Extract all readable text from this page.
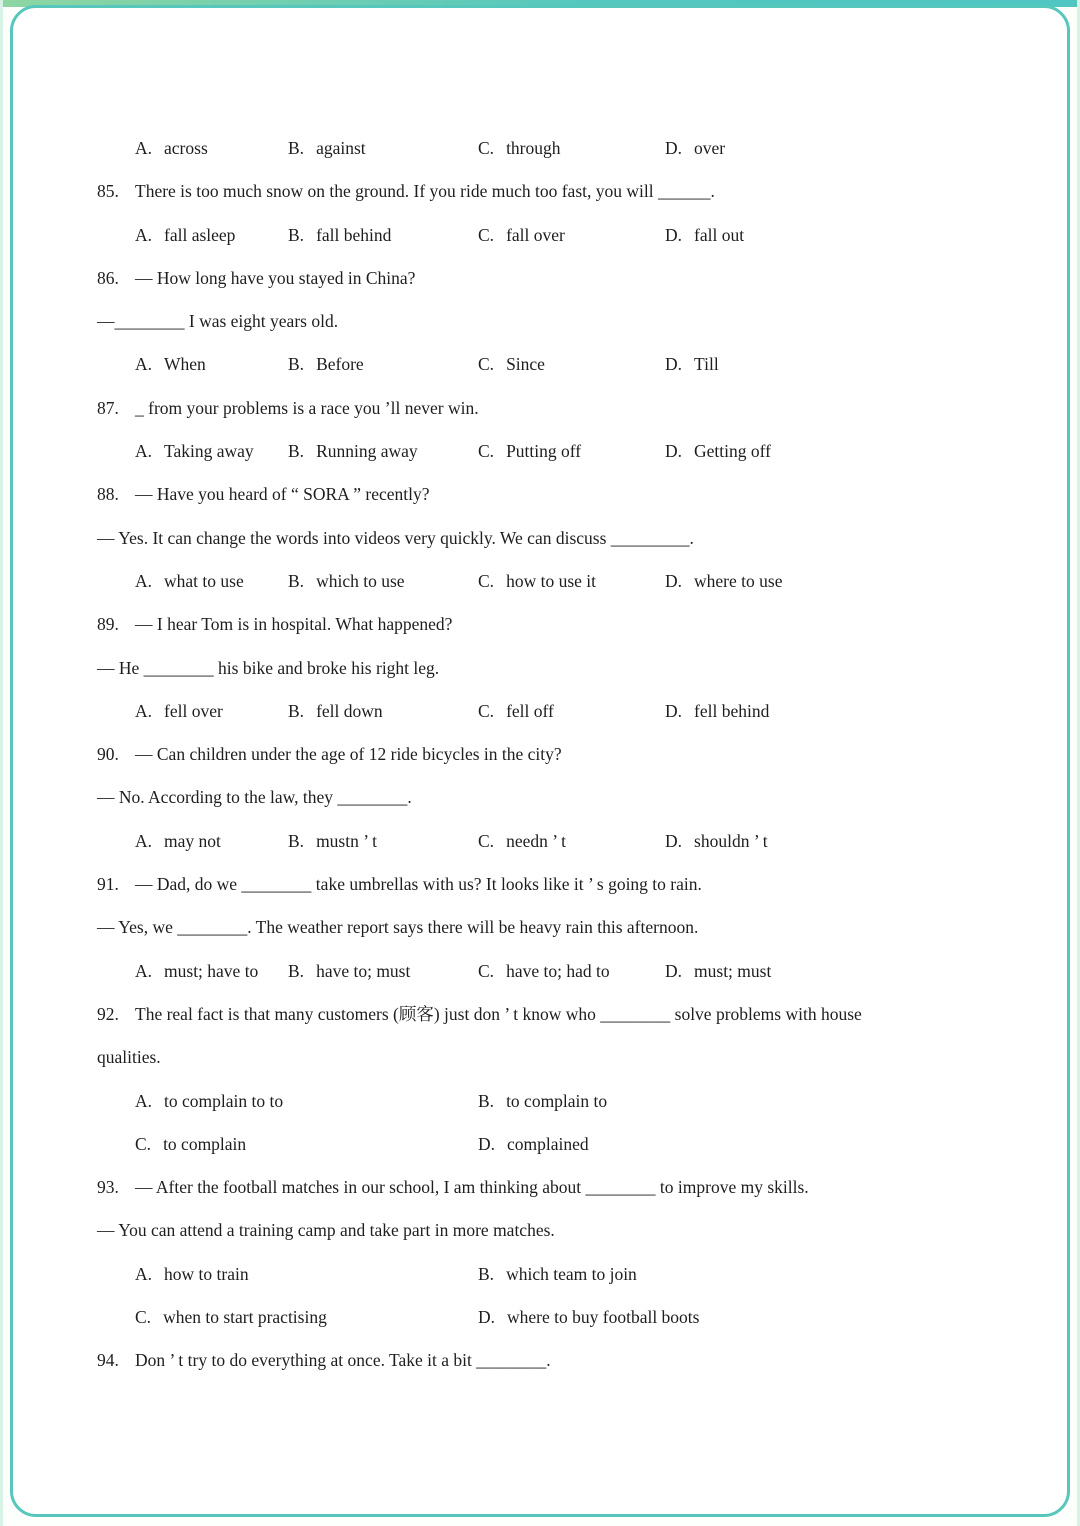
A. across	B. against	C. through	D. over
85. There is too much snow on the ground. If you ride much too fast, you will ______.
A. fall asleep	B. fall behind	C. fall over	D. fall out
86. — How long have you stayed in China?
—________ I was eight years old.
A. When	B. Before	C. Since	D. Till
87. _ from your problems is a race you ’ll never win.
A. Taking away	B. Running away	C. Putting off	D. Getting off
88. — Have you heard of “ SORA ” recently?
— Yes. It can change the words into videos very quickly. We can discuss _________.
A. what to use	B. which to use	C. how to use it	D. where to use
89. — I hear Tom is in hospital. What happened?
— He ________ his bike and broke his right leg.
A. fell over	B. fell down	C. fell off	D. fell behind
90. — Can children under the age of 12 ride bicycles in the city?
— No. According to the law, they ________.
A. may not	B. mustn ’ t	C. needn ’ t	D. shouldn ’ t
91. — Dad, do we ________ take umbrellas with us? It looks like it ’ s going to rain.
— Yes, we ________. The weather report says there will be heavy rain this afternoon.
A. must; have to	B. have to; must	C. have to; had to	D. must; must
92. The real fact is that many customers (顾客) just don ’ t know who ________ solve problems with house
qualities.
A. to complain to to	B. to complain to
C. to complain	D. complained
93. — After the football matches in our school, I am thinking about ________ to improve my skills.
— You can attend a training camp and take part in more matches.
A. how to train	B. which team to join
C. when to start practising	D. where to buy football boots
94. Don ’ t try to do everything at once. Take it a bit ________.
